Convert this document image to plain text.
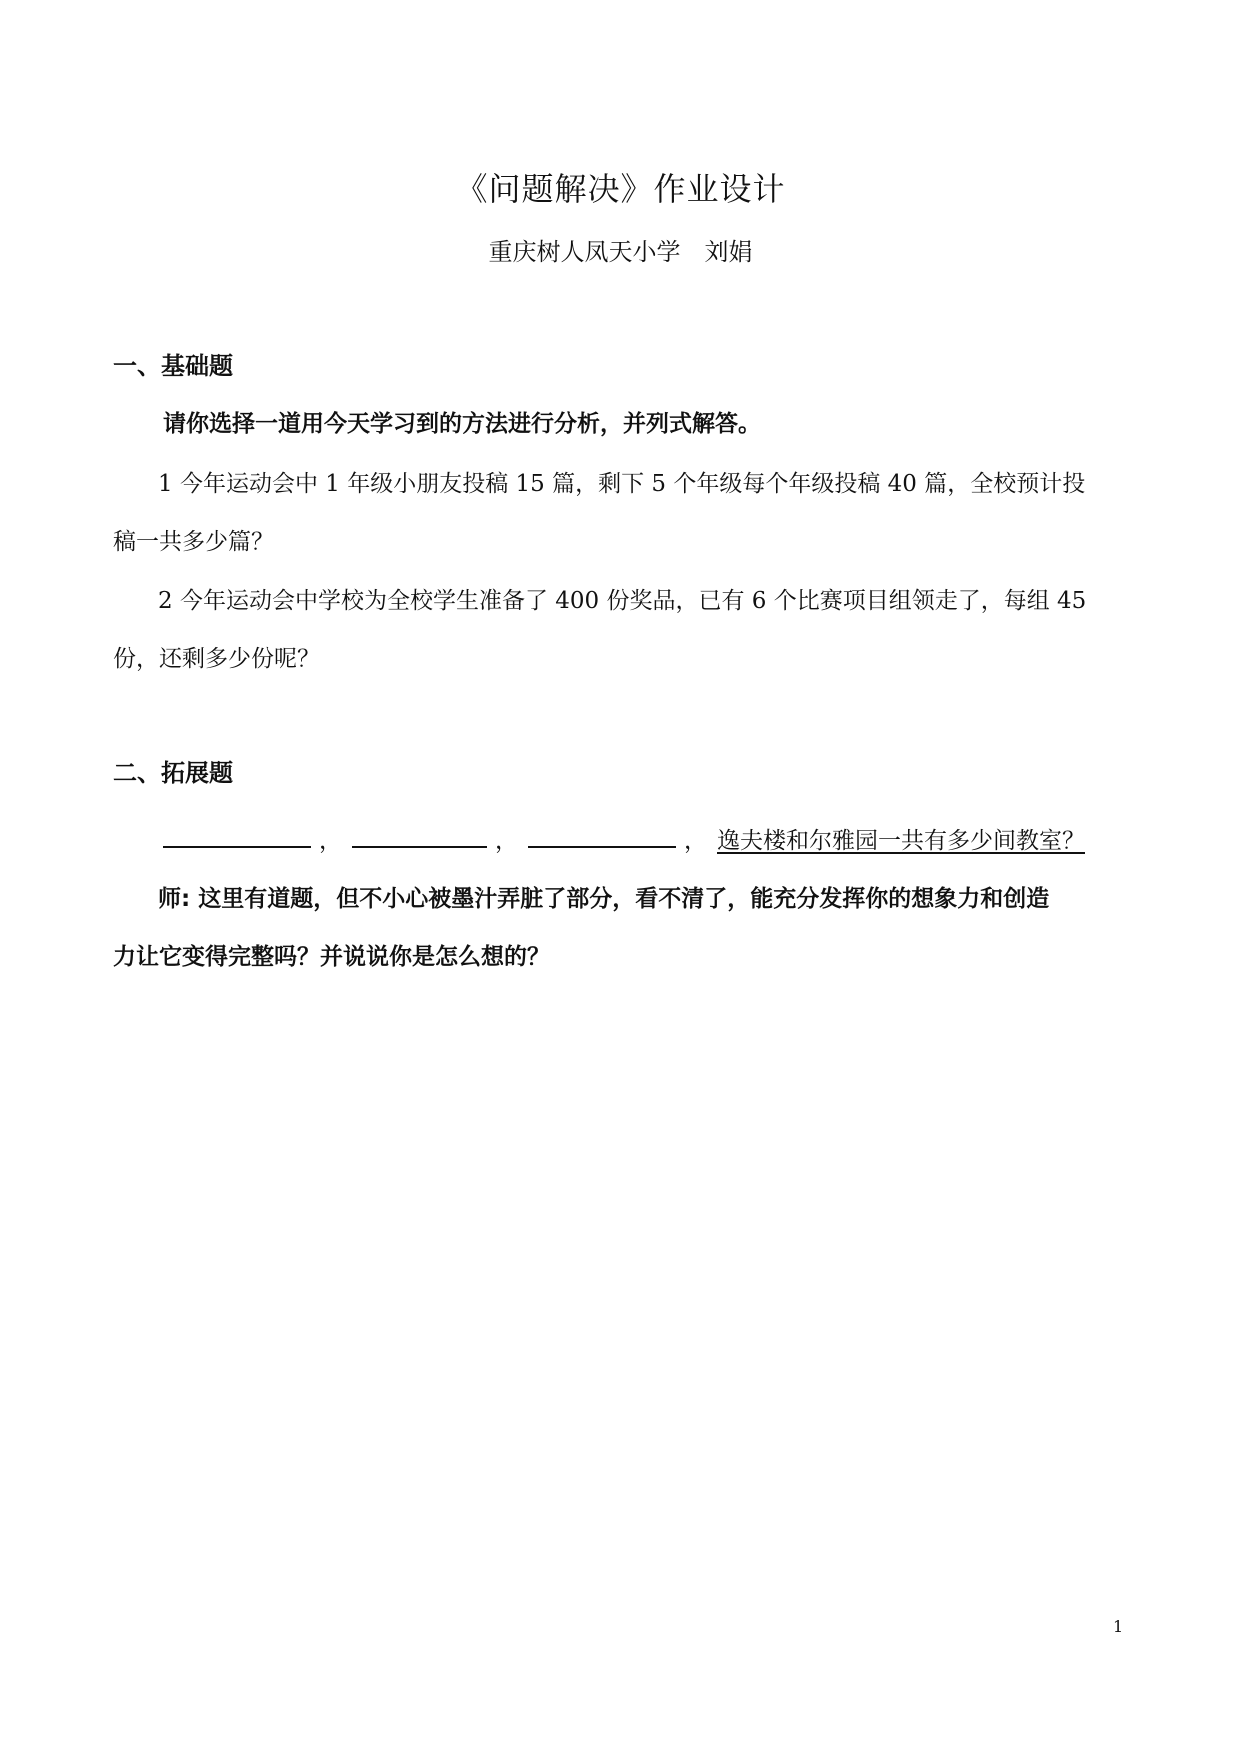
《问题解决》作业设计
重庆树人凤天小学　刘娟
一、基础题
请你选择一道用今天学习到的方法进行分析，并列式解答。
1 今年运动会中 1 年级小朋友投稿 15 篇，剩下 5 个年级每个年级投稿 40 篇，全校预计投
稿一共多少篇？
2 今年运动会中学校为全校学生准备了 400 份奖品，已有 6 个比赛项目组领走了，每组 45
份，还剩多少份呢？
二、拓展题
，	，	， 逸夫楼和尔雅园一共有多少间教室？
师: 这里有道题，但不小心被墨汁弄脏了部分，看不清了，能充分发挥你的想象力和创造
力让它变得完整吗？并说说你是怎么想的？
1
